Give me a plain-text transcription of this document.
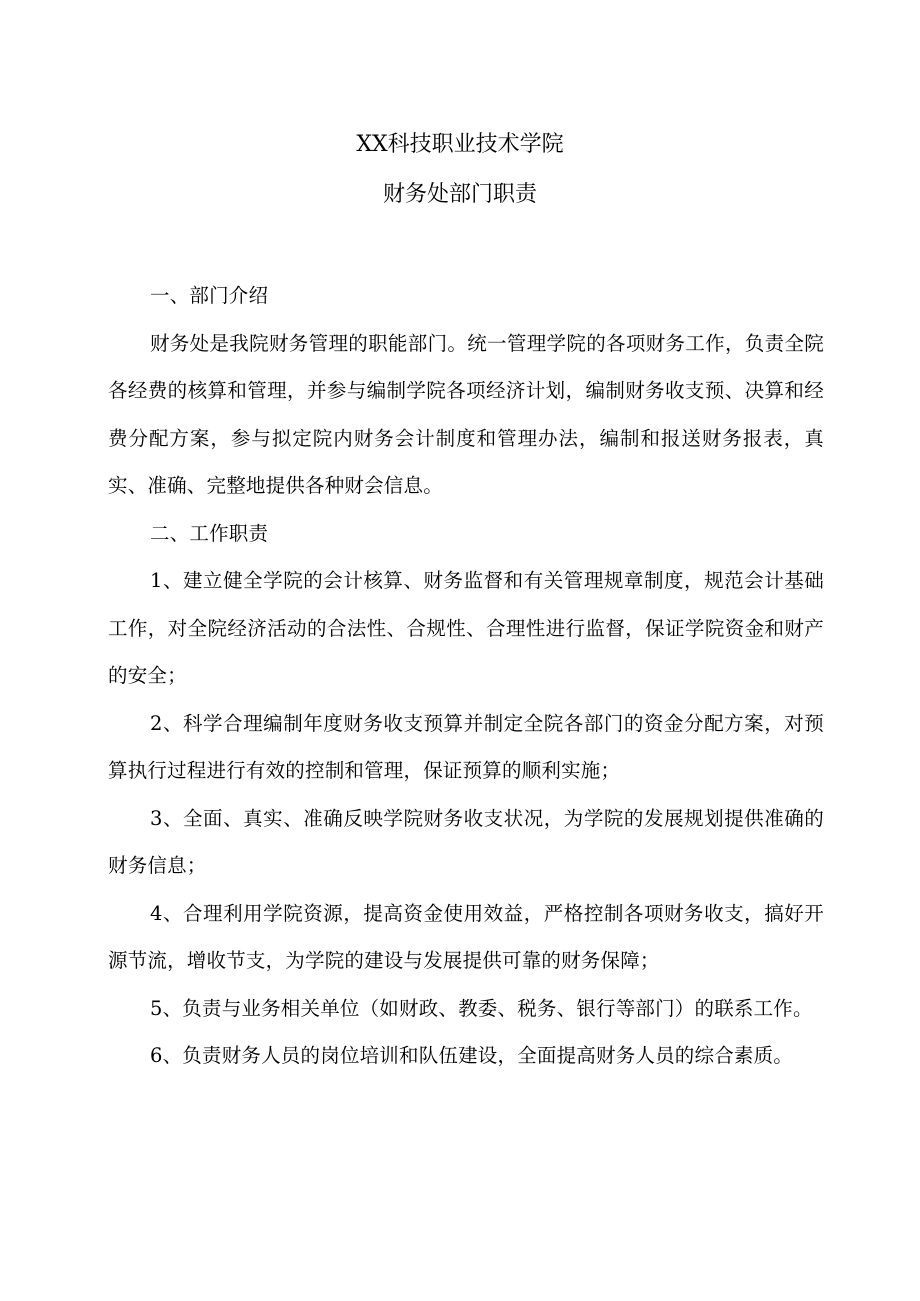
XX科技职业技术学院
财务处部门职责

一、部门介绍

财务处是我院财务管理的职能部门。统一管理学院的各项财务工作，负责全院各经费的核算和管理，并参与编制学院各项经济计划，编制财务收支预、决算和经费分配方案，参与拟定院内财务会计制度和管理办法，编制和报送财务报表，真实、准确、完整地提供各种财会信息。

二、工作职责

1、建立健全学院的会计核算、财务监督和有关管理规章制度，规范会计基础工作，对全院经济活动的合法性、合规性、合理性进行监督，保证学院资金和财产的安全；

2、科学合理编制年度财务收支预算并制定全院各部门的资金分配方案，对预算执行过程进行有效的控制和管理，保证预算的顺利实施；

3、全面、真实、准确反映学院财务收支状况，为学院的发展规划提供准确的财务信息；

4、合理利用学院资源，提高资金使用效益，严格控制各项财务收支，搞好开源节流，增收节支，为学院的建设与发展提供可靠的财务保障；

5、负责与业务相关单位（如财政、教委、税务、银行等部门）的联系工作。

6、负责财务人员的岗位培训和队伍建设，全面提高财务人员的综合素质。
